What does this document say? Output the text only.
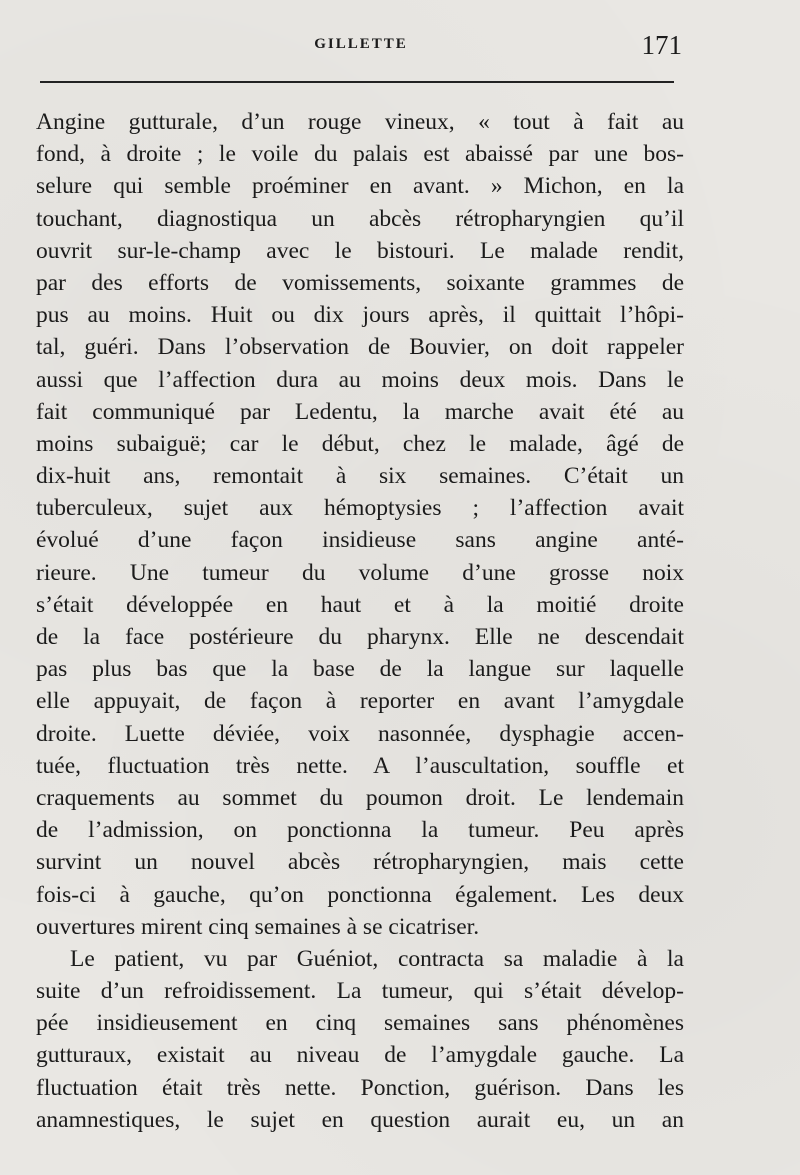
GILLETTE	171
Angine gutturale, d’un rouge vineux, « tout à fait au
fond, à droite ; le voile du palais est abaissé par une bos-
selure qui semble proéminer en avant. » Michon, en la
touchant, diagnostiqua un abcès rétropharyngien qu’il
ouvrit sur-le-champ avec le bistouri. Le malade rendit,
par des efforts de vomissements, soixante grammes de
pus au moins. Huit ou dix jours après, il quittait l’hôpi-
tal, guéri. Dans l’observation de Bouvier, on doit rappeler
aussi que l’affection dura au moins deux mois. Dans le
fait communiqué par Ledentu, la marche avait été au
moins subaiguë; car le début, chez le malade, âgé de
dix-huit ans, remontait à six semaines. C’était un
tuberculeux, sujet aux hémoptysies ; l’affection avait
évolué d’une façon insidieuse sans angine anté-
rieure. Une tumeur du volume d’une grosse noix
s’était développée en haut et à la moitié droite
de la face postérieure du pharynx. Elle ne descendait
pas plus bas que la base de la langue sur laquelle
elle appuyait, de façon à reporter en avant l’amygdale
droite. Luette déviée, voix nasonnée, dysphagie accen-
tuée, fluctuation très nette. A l’auscultation, souffle et
craquements au sommet du poumon droit. Le lendemain
de l’admission, on ponctionna la tumeur. Peu après
survint un nouvel abcès rétropharyngien, mais cette
fois-ci à gauche, qu’on ponctionna également. Les deux
ouvertures mirent cinq semaines à se cicatriser.
Le patient, vu par Guéniot, contracta sa maladie à la
suite d’un refroidissement. La tumeur, qui s’était dévelop-
pée insidieusement en cinq semaines sans phénomènes
gutturaux, existait au niveau de l’amygdale gauche. La
fluctuation était très nette. Ponction, guérison. Dans les
anamnestiques, le sujet en question aurait eu, un an
